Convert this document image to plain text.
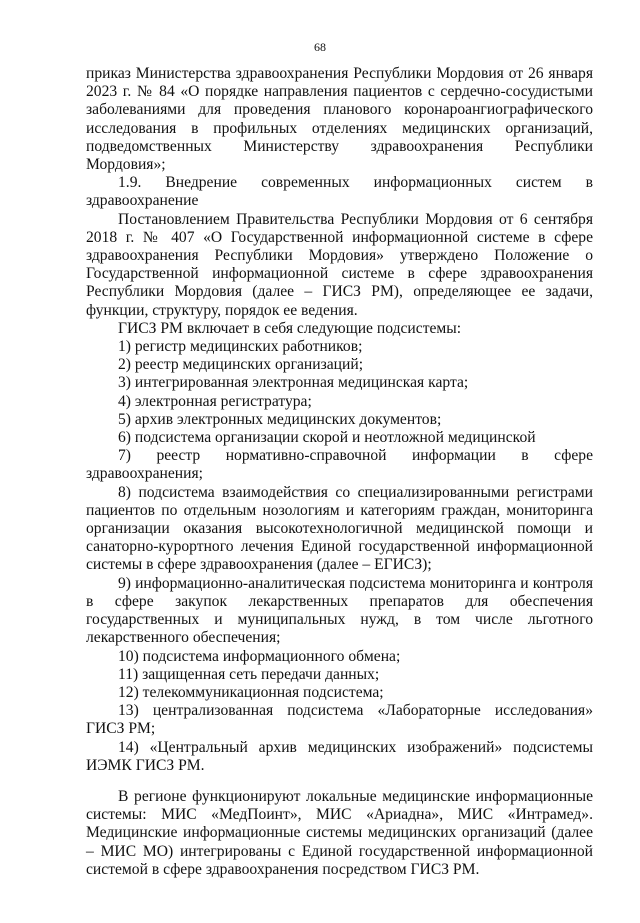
68

приказ Министерства здравоохранения Республики Мордовия от 26 января 2023 г. № 84 «О порядке направления пациентов с сердечно-сосудистыми заболеваниями для проведения планового коронароангиографического исследования в профильных отделениях медицинских организаций, подведомственных Министерству здравоохранения Республики Мордовия»;

1.9. Внедрение современных информационных систем в здравоохранение

Постановлением Правительства Республики Мордовия от 6 сентября 2018 г. № 407 «О Государственной информационной системе в сфере здравоохранения Республики Мордовия» утверждено Положение о Государственной информационной системе в сфере здравоохранения Республики Мордовия (далее – ГИСЗ РМ), определяющее ее задачи, функции, структуру, порядок ее ведения.

ГИСЗ РМ включает в себя следующие подсистемы:

1) регистр медицинских работников;

2) реестр медицинских организаций;

3) интегрированная электронная медицинская карта;

4) электронная регистратура;

5) архив электронных медицинских документов;

6) подсистема организации скорой и неотложной медицинской

7) реестр нормативно-справочной информации в сфере здравоохранения;

8) подсистема взаимодействия со специализированными регистрами пациентов по отдельным нозологиям и категориям граждан, мониторинга организации оказания высокотехнологичной медицинской помощи и санаторно-курортного лечения Единой государственной информационной системы в сфере здравоохранения (далее – ЕГИСЗ);

9) информационно-аналитическая подсистема мониторинга и контроля в сфере закупок лекарственных препаратов для обеспечения государственных и муниципальных нужд, в том числе льготного лекарственного обеспечения;

10) подсистема информационного обмена;

11) защищенная сеть передачи данных;

12) телекоммуникационная подсистема;

13) централизованная подсистема «Лабораторные исследования» ГИСЗ РМ;

14) «Центральный архив медицинских изображений» подсистемы ИЭМК ГИСЗ РМ.

В регионе функционируют локальные медицинские информационные системы: МИС «МедПоинт», МИС «Ариадна», МИС «Интрамед». Медицинские информационные системы медицинских организаций (далее – МИС МО) интегрированы с Единой государственной информационной системой в сфере здравоохранения посредством ГИСЗ РМ.
